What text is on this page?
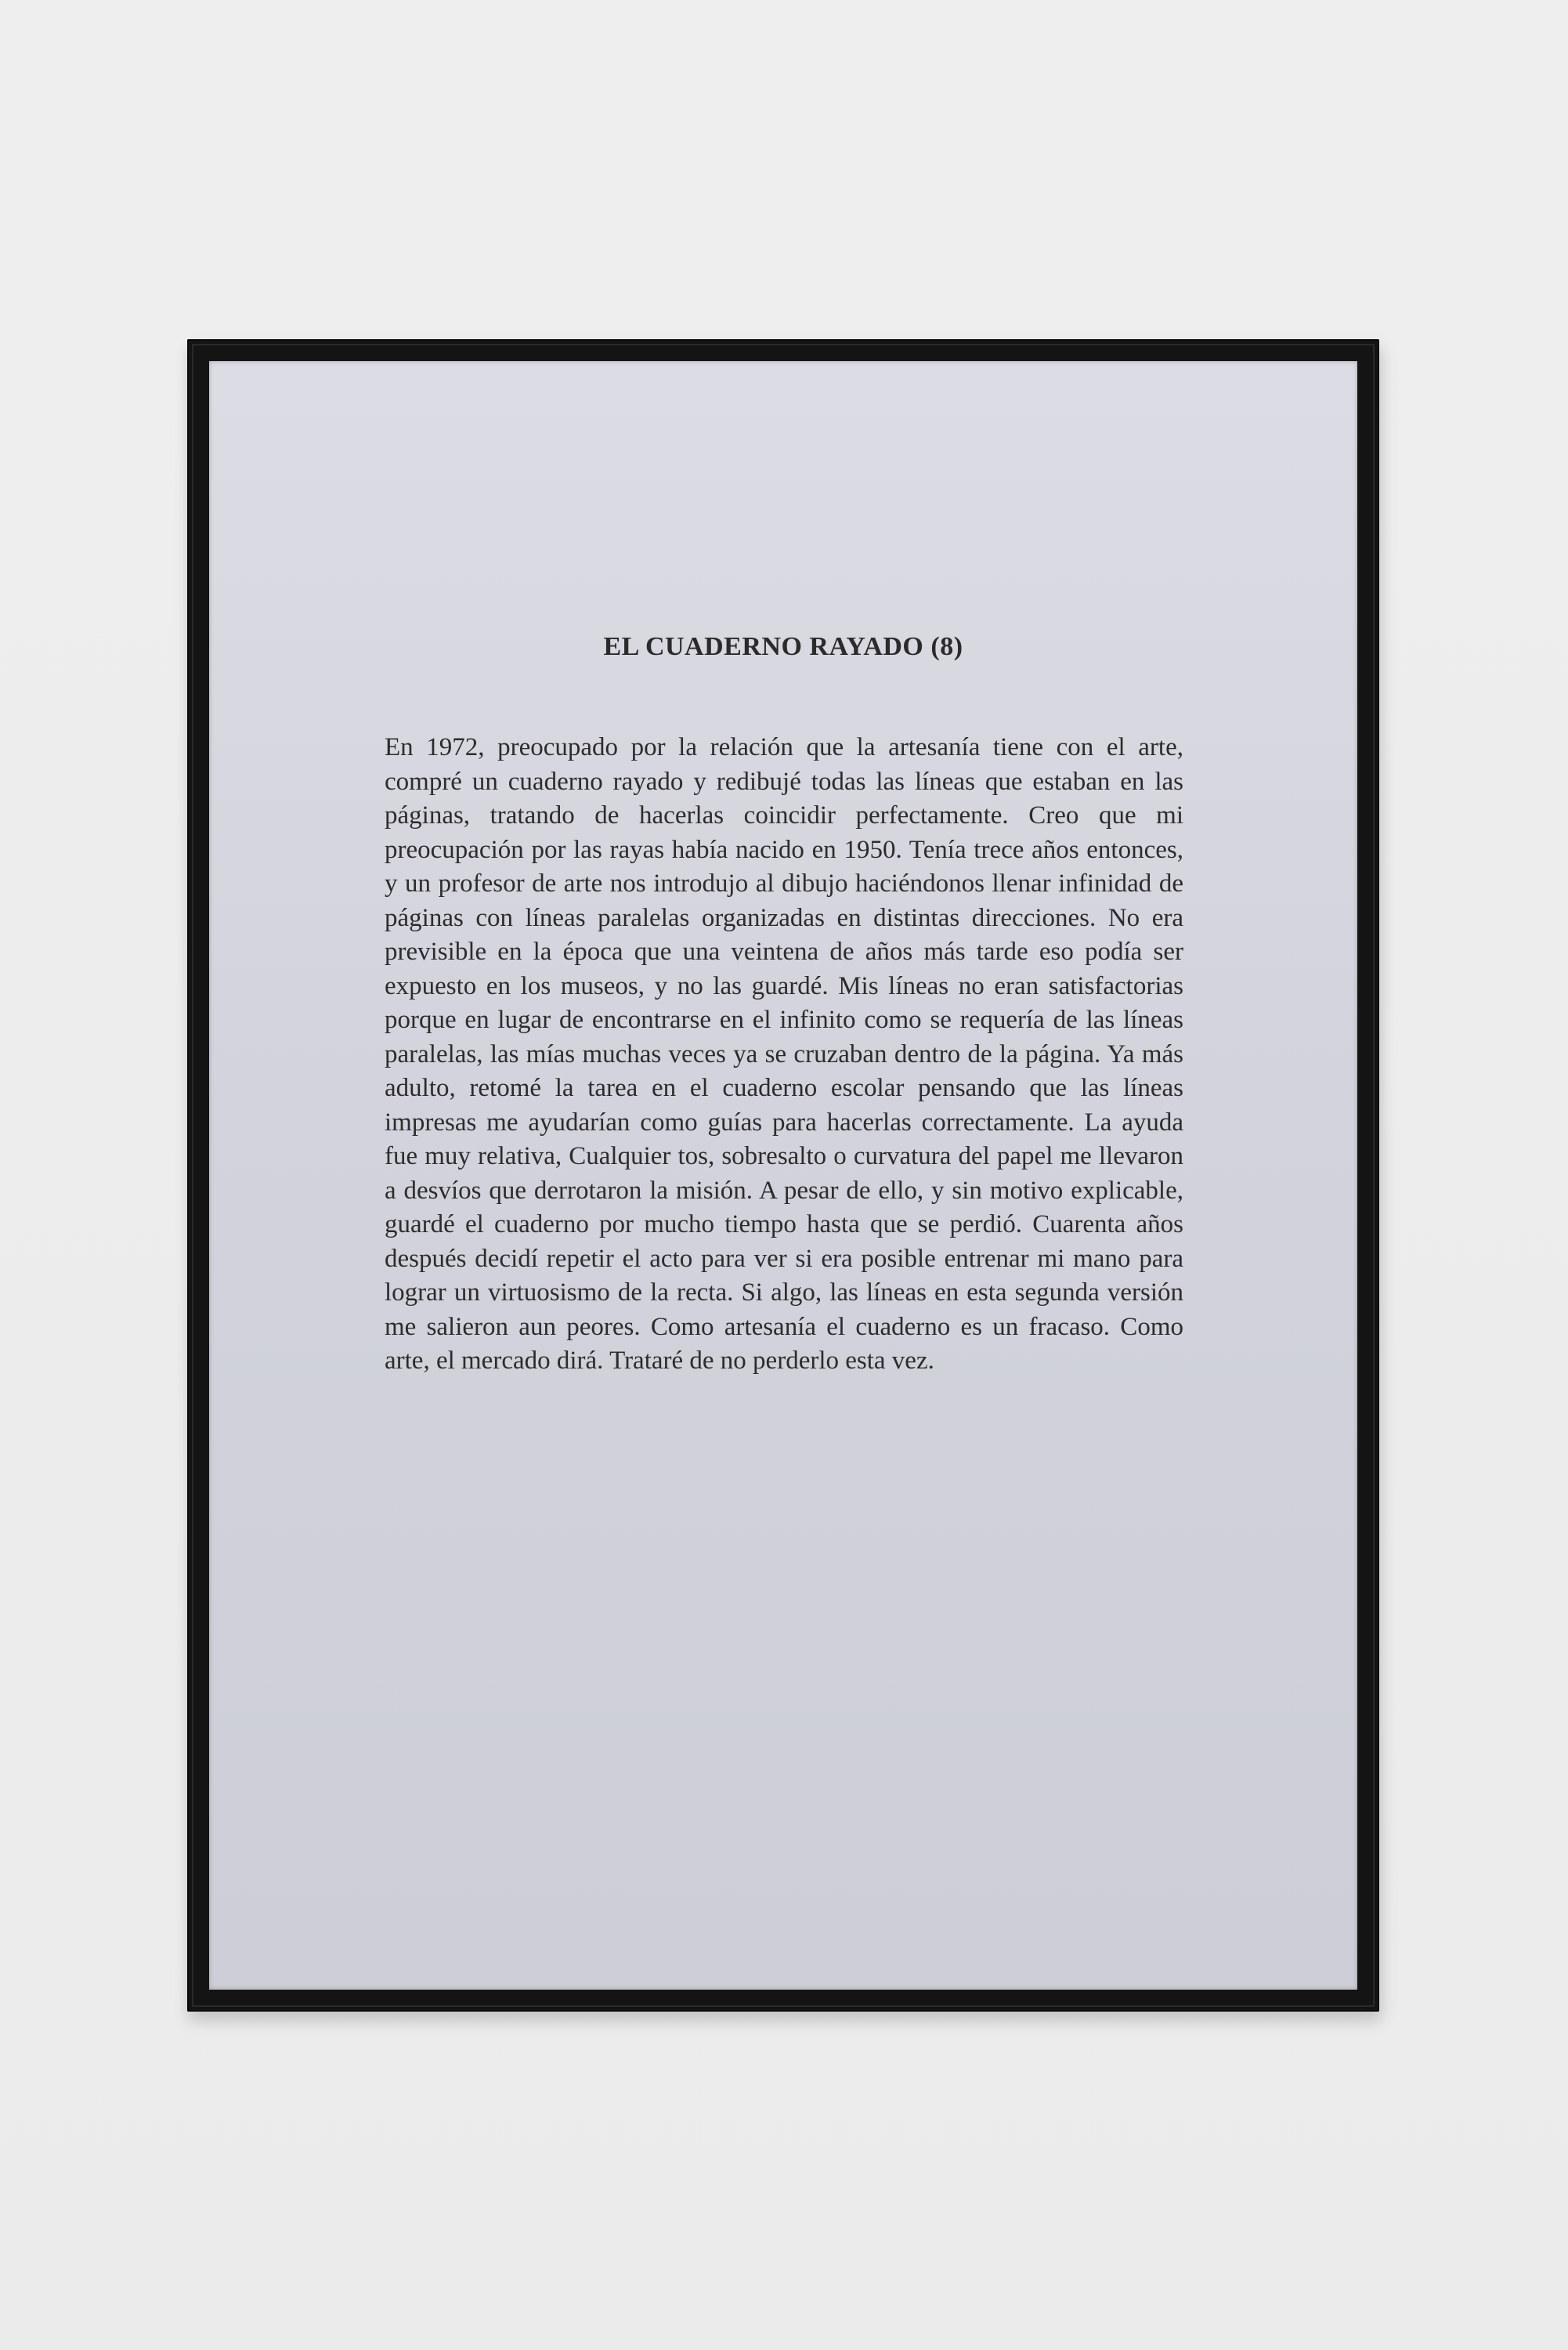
EL CUADERNO RAYADO (8)

En 1972, preocupado por la relación que la artesanía tiene con el arte, compré un cuaderno rayado y redibujé todas las líneas que estaban en las páginas, tratando de hacerlas coincidir perfectamente. Creo que mi preocupación por las rayas había nacido en 1950. Tenía trece años entonces, y un profesor de arte nos introdujo al dibujo haciéndonos llenar infinidad de páginas con líneas paralelas organizadas en distintas direcciones. No era previsible en la época que una veintena de años más tarde eso podía ser expuesto en los museos, y no las guardé. Mis líneas no eran satisfactorias porque en lugar de encontrarse en el infinito como se requería de las líneas paralelas, las mías muchas veces ya se cruzaban dentro de la página. Ya más adulto, retomé la tarea en el cuaderno escolar pensando que las líneas impresas me ayudarían como guías para hacerlas correctamente. La ayuda fue muy relativa, Cualquier tos, sobresalto o curvatura del papel me llevaron a desvíos que derrotaron la misión. A pesar de ello, y sin motivo explicable, guardé el cuaderno por mucho tiempo hasta que se perdió. Cuarenta años después decidí repetir el acto para ver si era posible entrenar mi mano para lograr un virtuosismo de la recta. Si algo, las líneas en esta segunda versión me salieron aun peores. Como artesanía el cuaderno es un fracaso. Como arte, el mercado dirá. Trataré de no perderlo esta vez.
